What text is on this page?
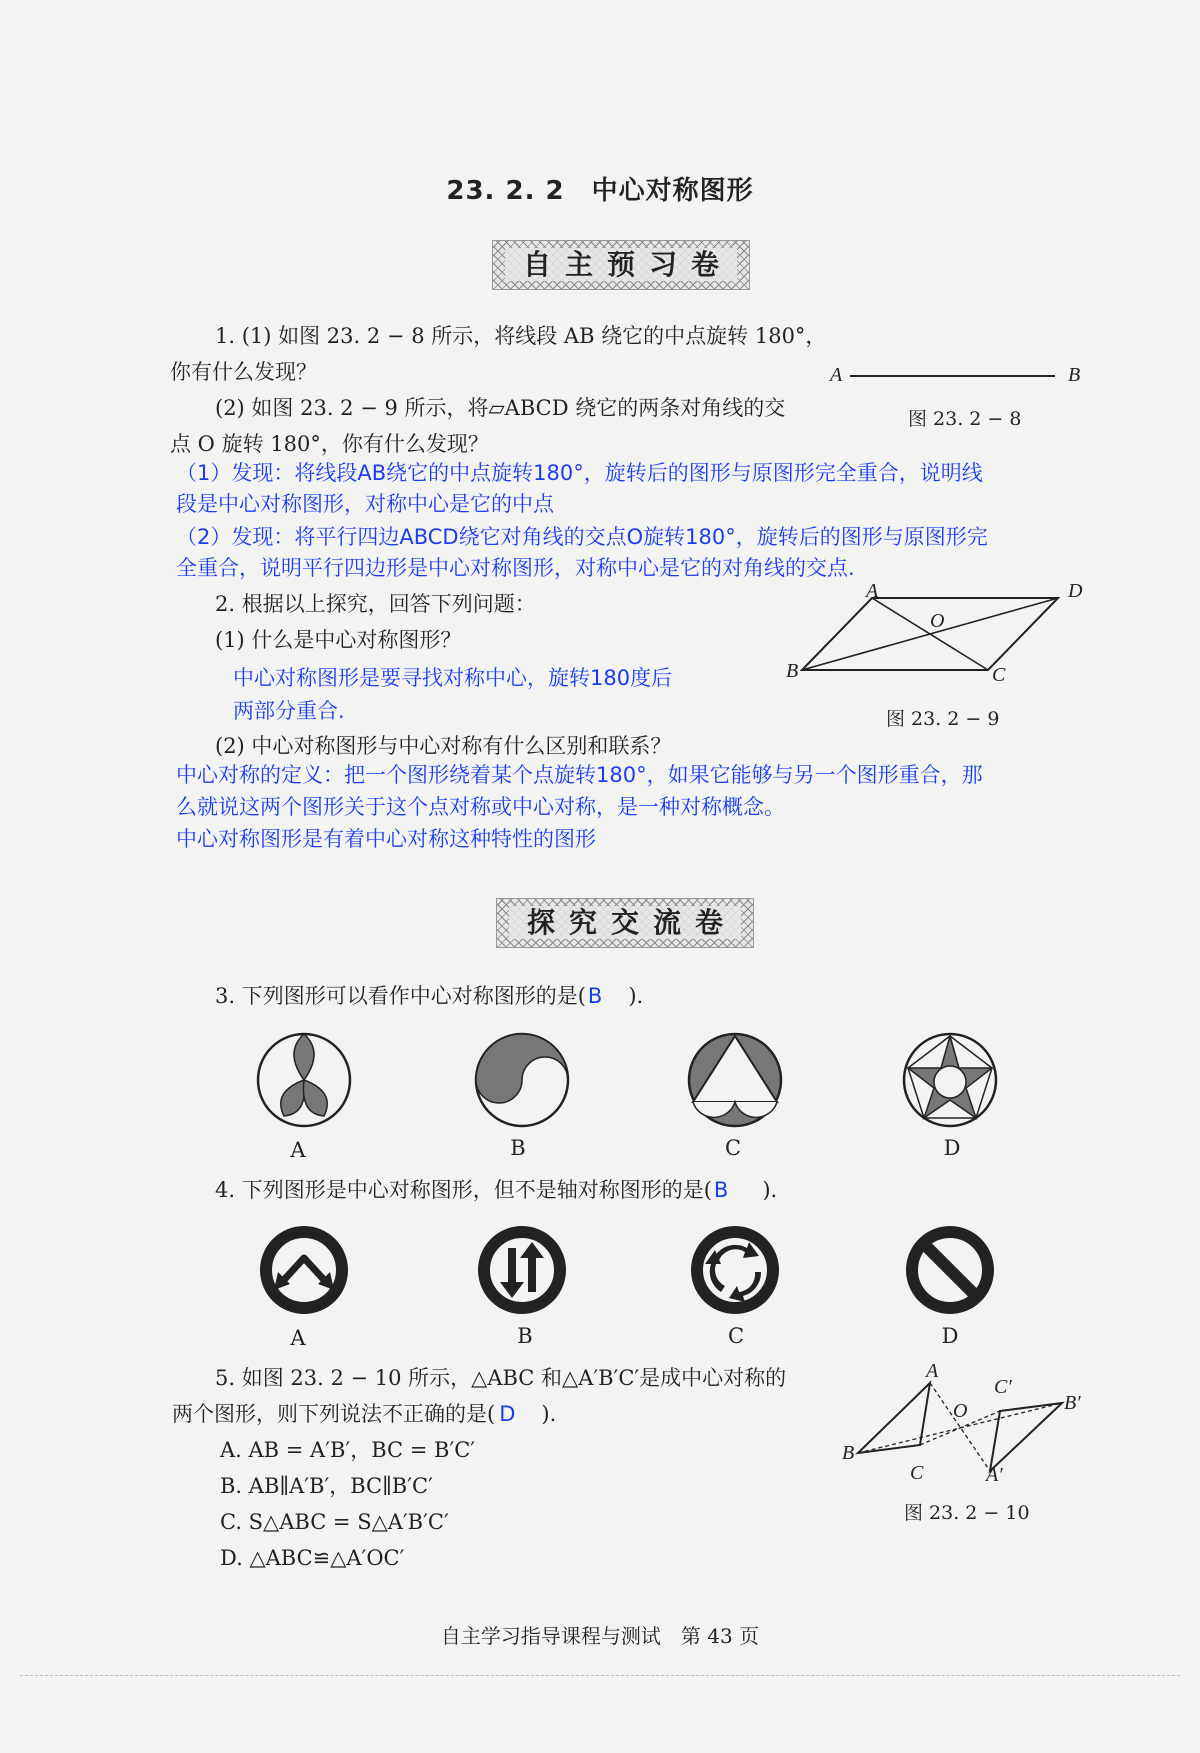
23. 2. 2　中心对称图形
自主预习卷
1. (1) 如图 23. 2 − 8 所示，将线段 AB 绕它的中点旋转 180°，
你有什么发现？
(2) 如图 23. 2 − 9 所示，将▱ABCD 绕它的两条对角线的交
点 O 旋转 180°，你有什么发现？
A	B
图 23. 2 − 8
（1）发现：将线段AB绕它的中点旋转180°，旋转后的图形与原图形完全重合，说明线
段是中心对称图形，对称中心是它的中点
（2）发现：将平行四边ABCD绕它对角线的交点O旋转180°，旋转后的图形与原图形完
全重合，说明平行四边形是中心对称图形，对称中心是它的对角线的交点.
2. 根据以上探究，回答下列问题：
(1) 什么是中心对称图形？
中心对称图形是要寻找对称中心，旋转180度后
两部分重合.
(2) 中心对称图形与中心对称有什么区别和联系？
中心对称的定义：把一个图形绕着某个点旋转180°，如果它能够与另一个图形重合，那
么就说这两个图形关于这个点对称或中心对称，是一种对称概念。
中心对称图形是有着中心对称这种特性的图形
A	D
O
B	C
图 23. 2 − 9
探究交流卷
3. 下列图形可以看作中心对称图形的是(B ).
A	B	C	D
4. 下列图形是中心对称图形，但不是轴对称图形的是(B ).
A	B	C	D
5. 如图 23. 2 − 10 所示，△ABC 和△A′B′C′是成中心对称的
两个图形，则下列说法不正确的是( D ).
A. AB = A′B′，BC = B′C′
B. AB∥A′B′，BC∥B′C′
C. S△ABC = S△A′B′C′
D. △ABC≌△A′OC′
A
B
C
O
C′
B′
A′
图 23. 2 − 10
自主学习指导课程与测试　第 43 页
